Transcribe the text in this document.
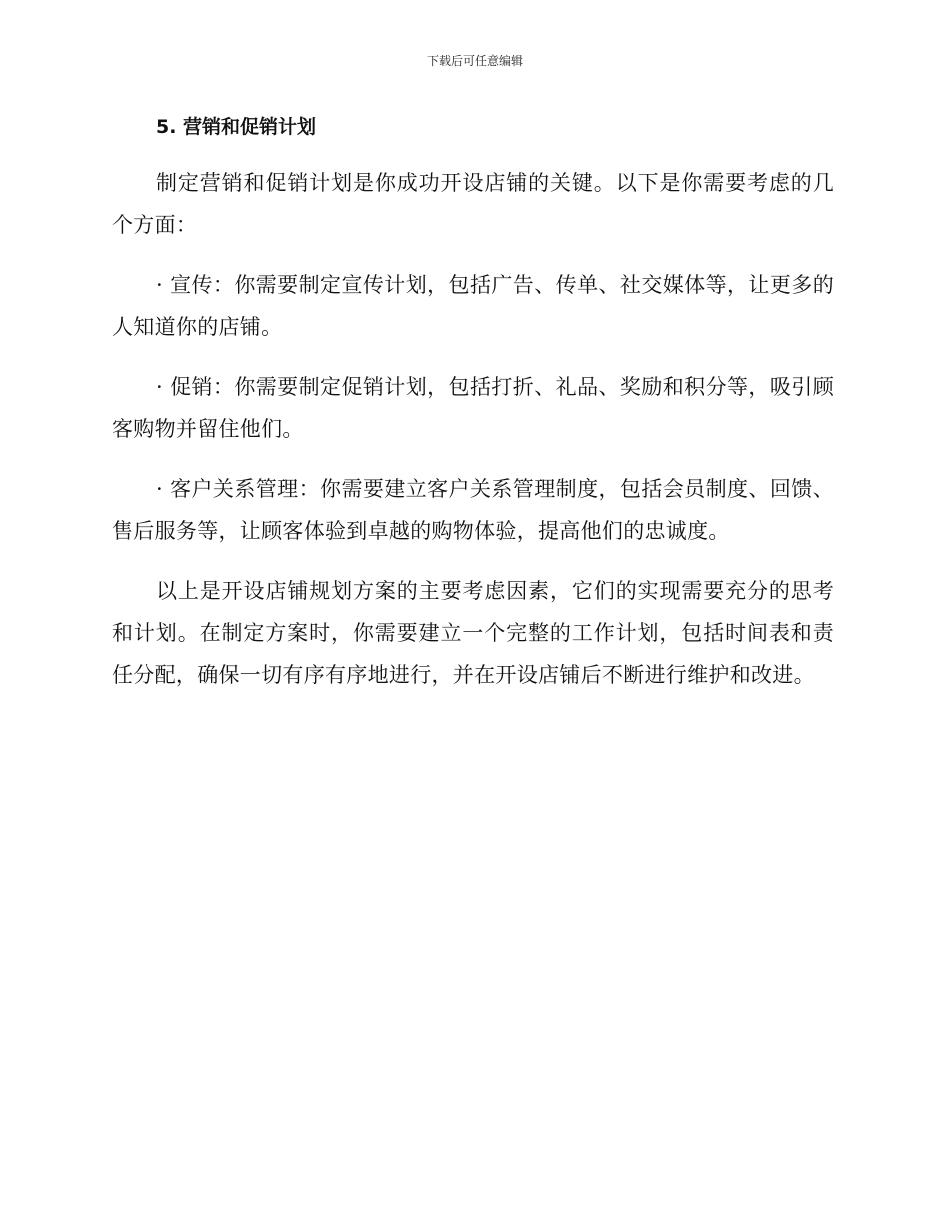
下载后可任意编辑
5. 营销和促销计划

制定营销和促销计划是你成功开设店铺的关键。以下是你需要考虑的几个方面：

· 宣传：你需要制定宣传计划，包括广告、传单、社交媒体等，让更多的人知道你的店铺。

· 促销：你需要制定促销计划，包括打折、礼品、奖励和积分等，吸引顾客购物并留住他们。

· 客户关系管理：你需要建立客户关系管理制度，包括会员制度、回馈、售后服务等，让顾客体验到卓越的购物体验，提高他们的忠诚度。

以上是开设店铺规划方案的主要考虑因素，它们的实现需要充分的思考和计划。在制定方案时，你需要建立一个完整的工作计划，包括时间表和责任分配，确保一切有序有序地进行，并在开设店铺后不断进行维护和改进。
